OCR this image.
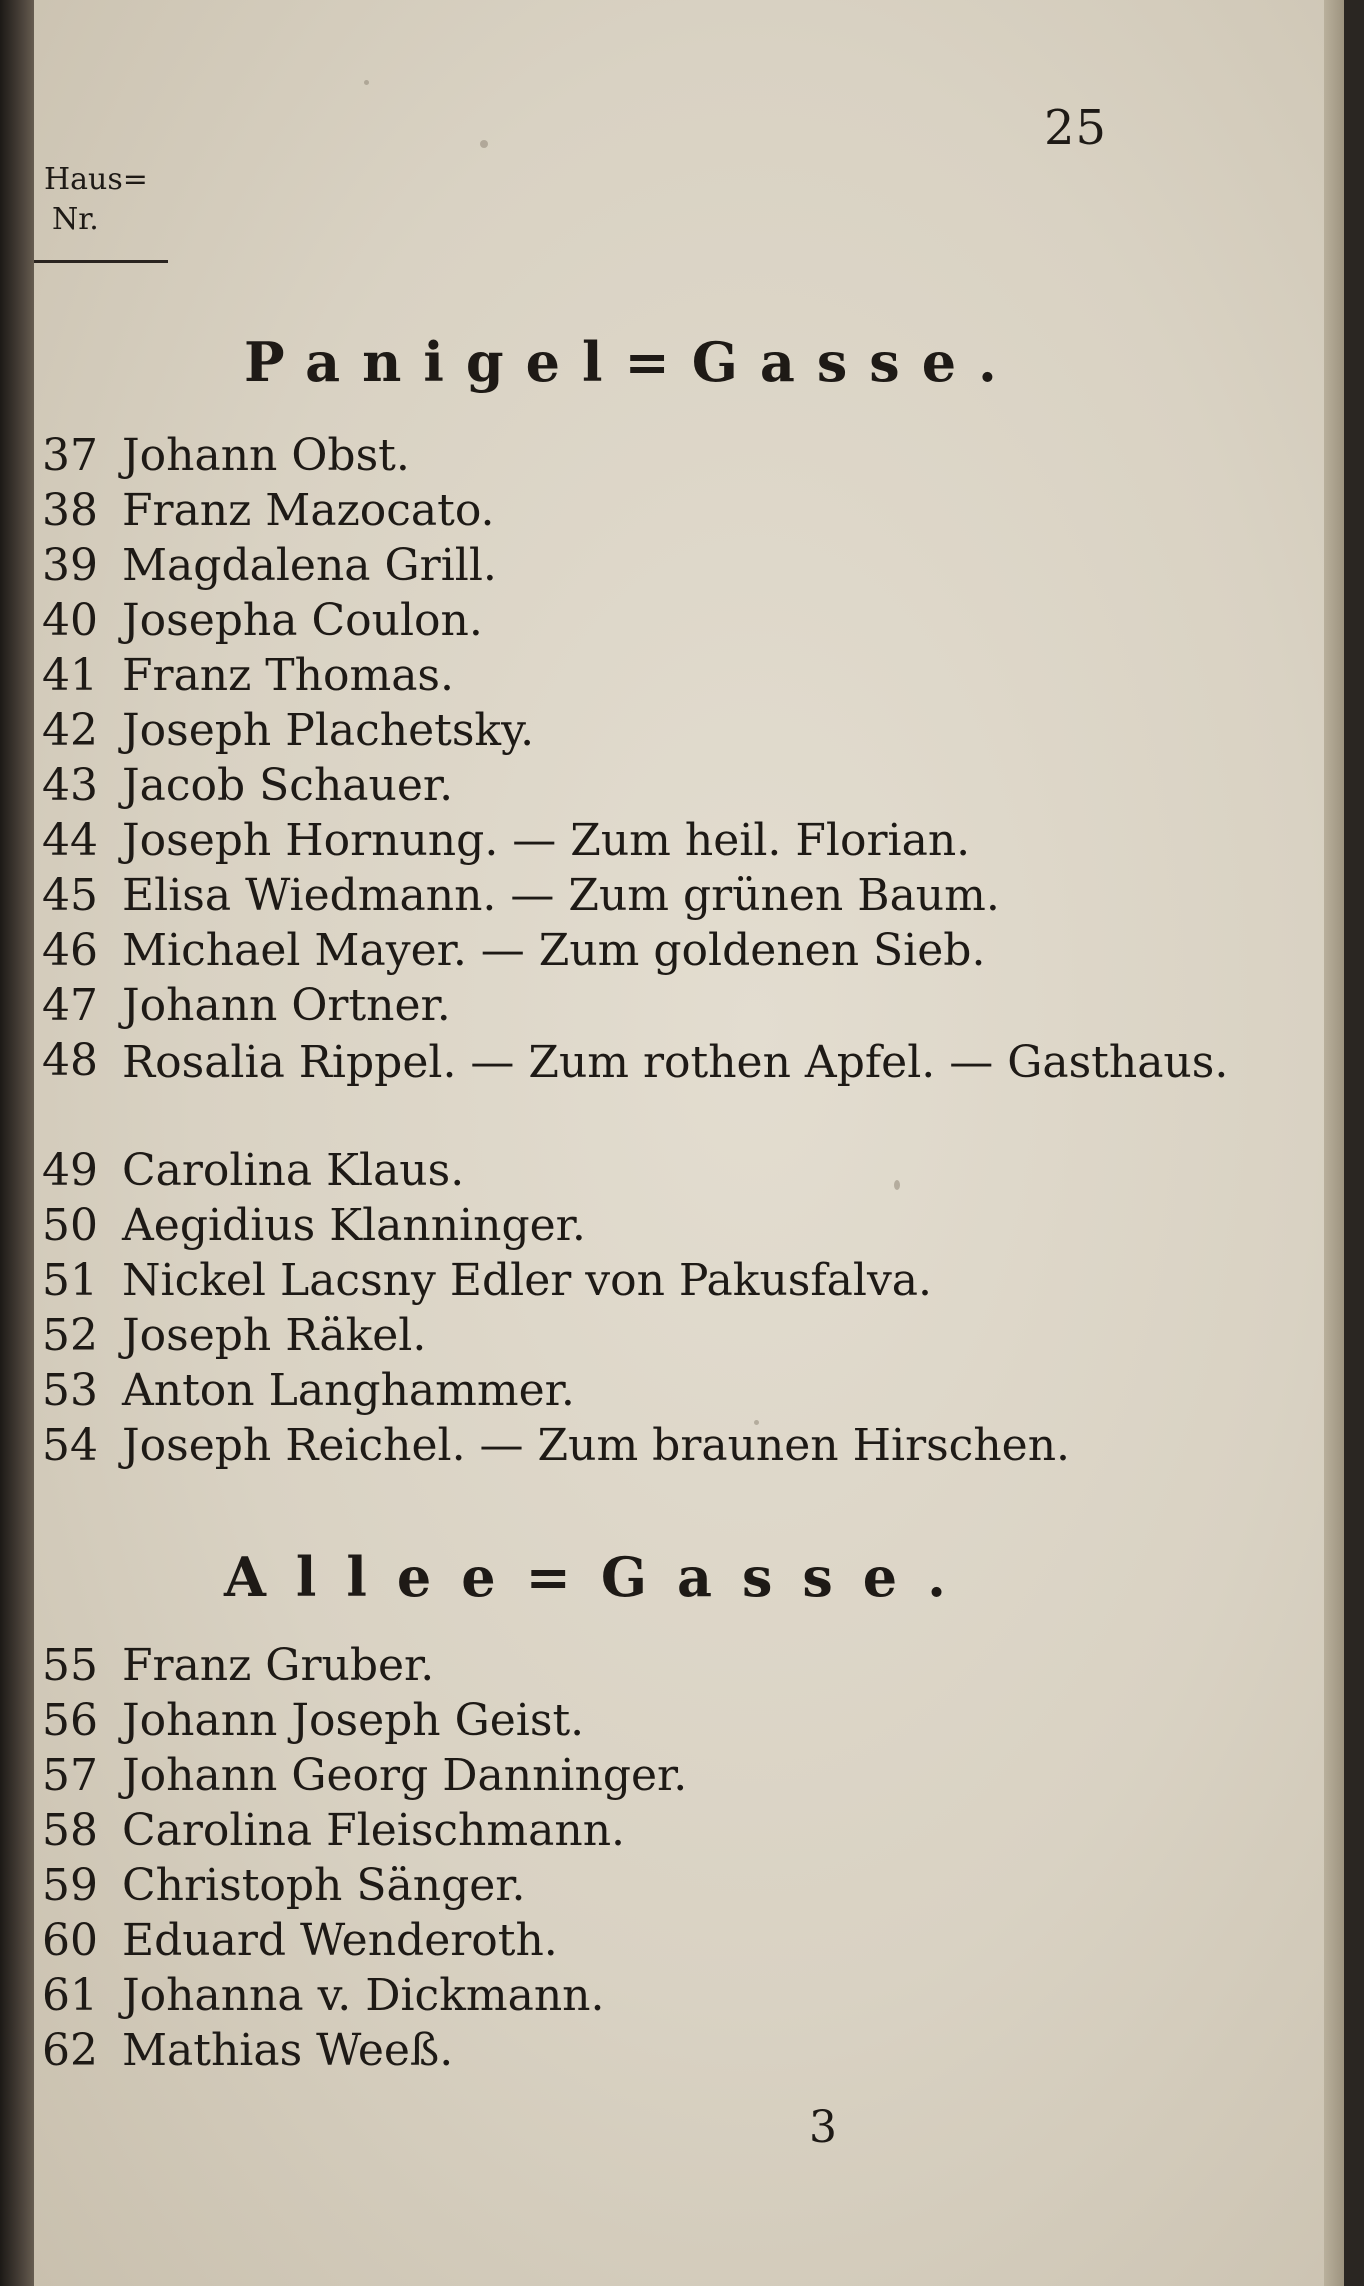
25
Haus=
Nr.
Panigel=Gasse.
37 Johann Obst.
38 Franz Mazocato.
39 Magdalena Grill.
40 Josepha Coulon.
41 Franz Thomas.
42 Joseph Plachetsky.
43 Jacob Schauer.
44 Joseph Hornung. — Zum heil. Florian.
45 Elisa Wiedmann. — Zum grünen Baum.
46 Michael Mayer. — Zum goldenen Sieb.
47 Johann Ortner.
48 Rosalia Rippel. — Zum rothen Apfel. — Gasthaus.
49 Carolina Klaus.
50 Aegidius Klanninger.
51 Nickel Lacsny Edler von Pakusfalva.
52 Joseph Räkel.
53 Anton Langhammer.
54 Joseph Reichel. — Zum braunen Hirschen.
Allee=Gasse.
55 Franz Gruber.
56 Johann Joseph Geist.
57 Johann Georg Danninger.
58 Carolina Fleischmann.
59 Christoph Sänger.
60 Eduard Wenderoth.
61 Johanna v. Dickmann.
62 Mathias Weeß.
3
